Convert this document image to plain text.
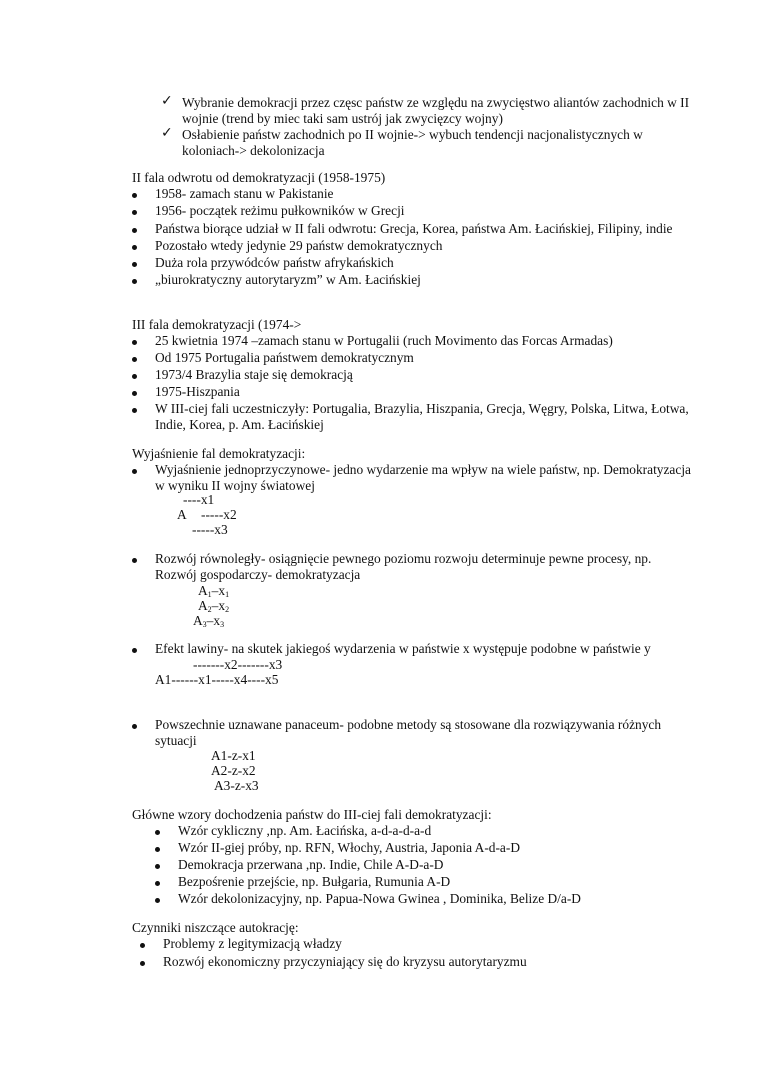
✓ Wybranie demokracji przez częsc państw ze względu na zwycięstwo aliantów zachodnich w II
wojnie (trend by miec taki sam ustrój jak zwycięzcy wojny)
✓ Osłabienie państw zachodnich po II wojnie-> wybuch tendencji nacjonalistycznych w
koloniach-> dekolonizacja
II fala odwrotu od demokratyzacji (1958-1975)
1958- zamach stanu w Pakistanie
1956- początek reżimu pułkowników w Grecji
Państwa biorące udział w II fali odwrotu: Grecja, Korea, państwa Am. Łacińskiej, Filipiny, indie
Pozostało wtedy jedynie 29 państw demokratycznych
Duża rola przywódców państw afrykańskich
„biurokratyczny autorytaryzm” w Am. Łacińskiej
III fala demokratyzacji (1974->
25 kwietnia 1974 –zamach stanu w Portugalii (ruch Movimento das Forcas Armadas)
Od 1975 Portugalia państwem demokratycznym
1973/4 Brazylia staje się demokracją
1975-Hiszpania
W III-ciej fali uczestniczyły: Portugalia, Brazylia, Hiszpania, Grecja, Węgry, Polska, Litwa, Łotwa,
Indie, Korea, p. Am. Łacińskiej
Wyjaśnienie fal demokratyzacji:
Wyjaśnienie jednoprzyczynowe- jedno wydarzenie ma wpływ na wiele państw, np. Demokratyzacja
w wyniku II wojny światowej
----x1
A -----x2
-----x3
Rozwój równoległy- osiągnięcie pewnego poziomu rozwoju determinuje pewne procesy, np.
Rozwój gospodarczy- demokratyzacja
$A_1-x_1$
$A_2-x_2$
$A_3-x_3$
Efekt lawiny- na skutek jakiegoś wydarzenia w państwie x występuje podobne w państwie y
-------x2-------x3
A1------x1-----x4----x5
Powszechnie uznawane panaceum- podobne metody są stosowane dla rozwiązywania różnych
sytuacji
A1-z-x1
A2-z-x2
A3-z-x3
Główne wzory dochodzenia państw do III-ciej fali demokratyzacji:
Wzór cykliczny ,np. Am. Łacińska, a-d-a-d-a-d
Wzór II-giej próby, np. RFN, Włochy, Austria, Japonia A-d-a-D
Demokracja przerwana ,np. Indie, Chile A-D-a-D
Bezpośrenie przejście, np. Bułgaria, Rumunia A-D
Wzór dekolonizacyjny, np. Papua-Nowa Gwinea , Dominika, Belize D/a-D
Czynniki niszczące autokrację:
Problemy z legitymizacją władzy
Rozwój ekonomiczny przyczyniający się do kryzysu autorytaryzmu
